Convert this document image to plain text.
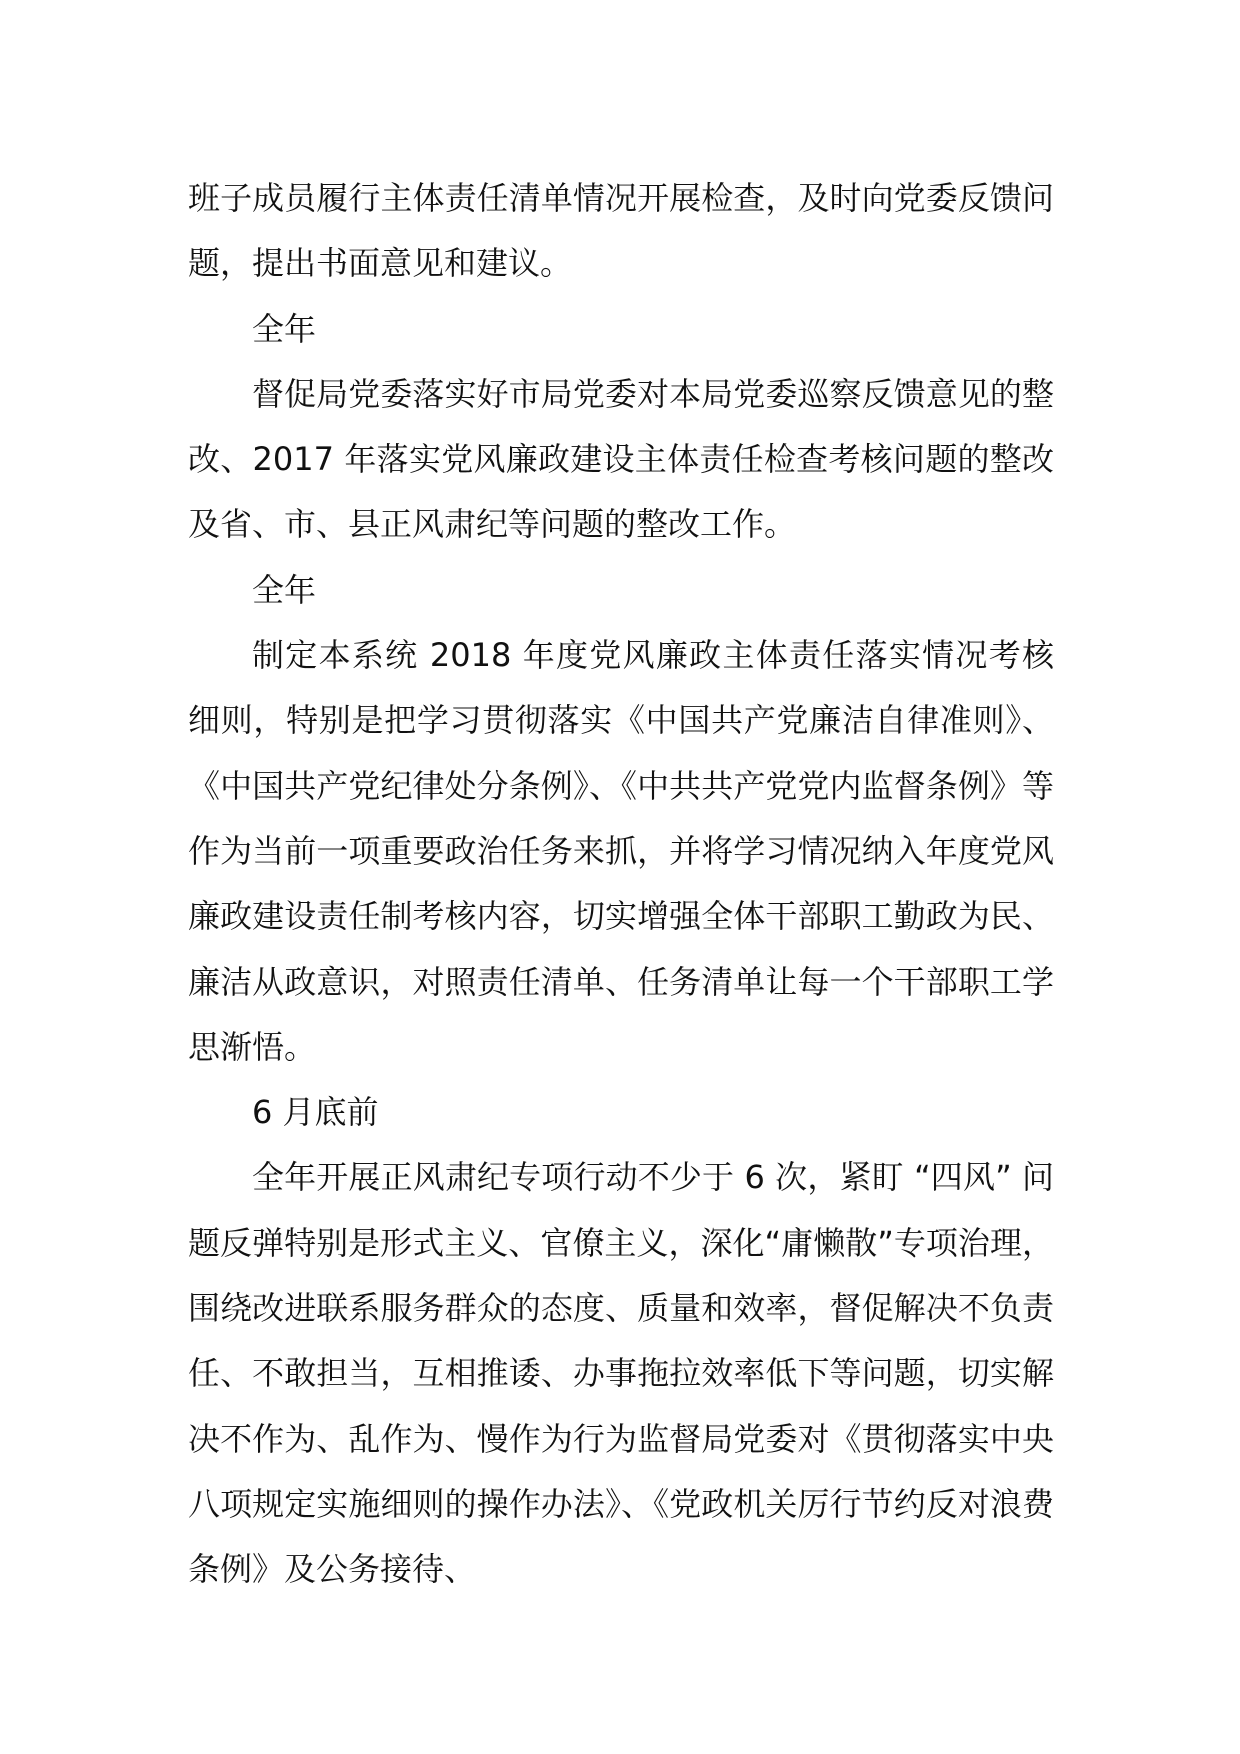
班子成员履行主体责任清单情况开展检查，及时向党委反馈问题，提出书面意见和建议。

全年

督促局党委落实好市局党委对本局党委巡察反馈意见的整改、2017 年落实党风廉政建设主体责任检查考核问题的整改及省、市、县正风肃纪等问题的整改工作。

全年

制定本系统 2018 年度党风廉政主体责任落实情况考核细则，特别是把学习贯彻落实《中国共产党廉洁自律准则》、《中国共产党纪律处分条例》、《中共共产党党内监督条例》等作为当前一项重要政治任务来抓，并将学习情况纳入年度党风廉政建设责任制考核内容，切实增强全体干部职工勤政为民、廉洁从政意识，对照责任清单、任务清单让每一个干部职工学思渐悟。

6 月底前

全年开展正风肃纪专项行动不少于 6 次，紧盯 “四风” 问题反弹特别是形式主义、官僚主义，深化“庸懒散”专项治理，围绕改进联系服务群众的态度、质量和效率，督促解决不负责任、不敢担当，互相推诿、办事拖拉效率低下等问题，切实解决不作为、乱作为、慢作为行为监督局党委对《贯彻落实中央八项规定实施细则的操作办法》、《党政机关厉行节约反对浪费条例》及公务接待、
